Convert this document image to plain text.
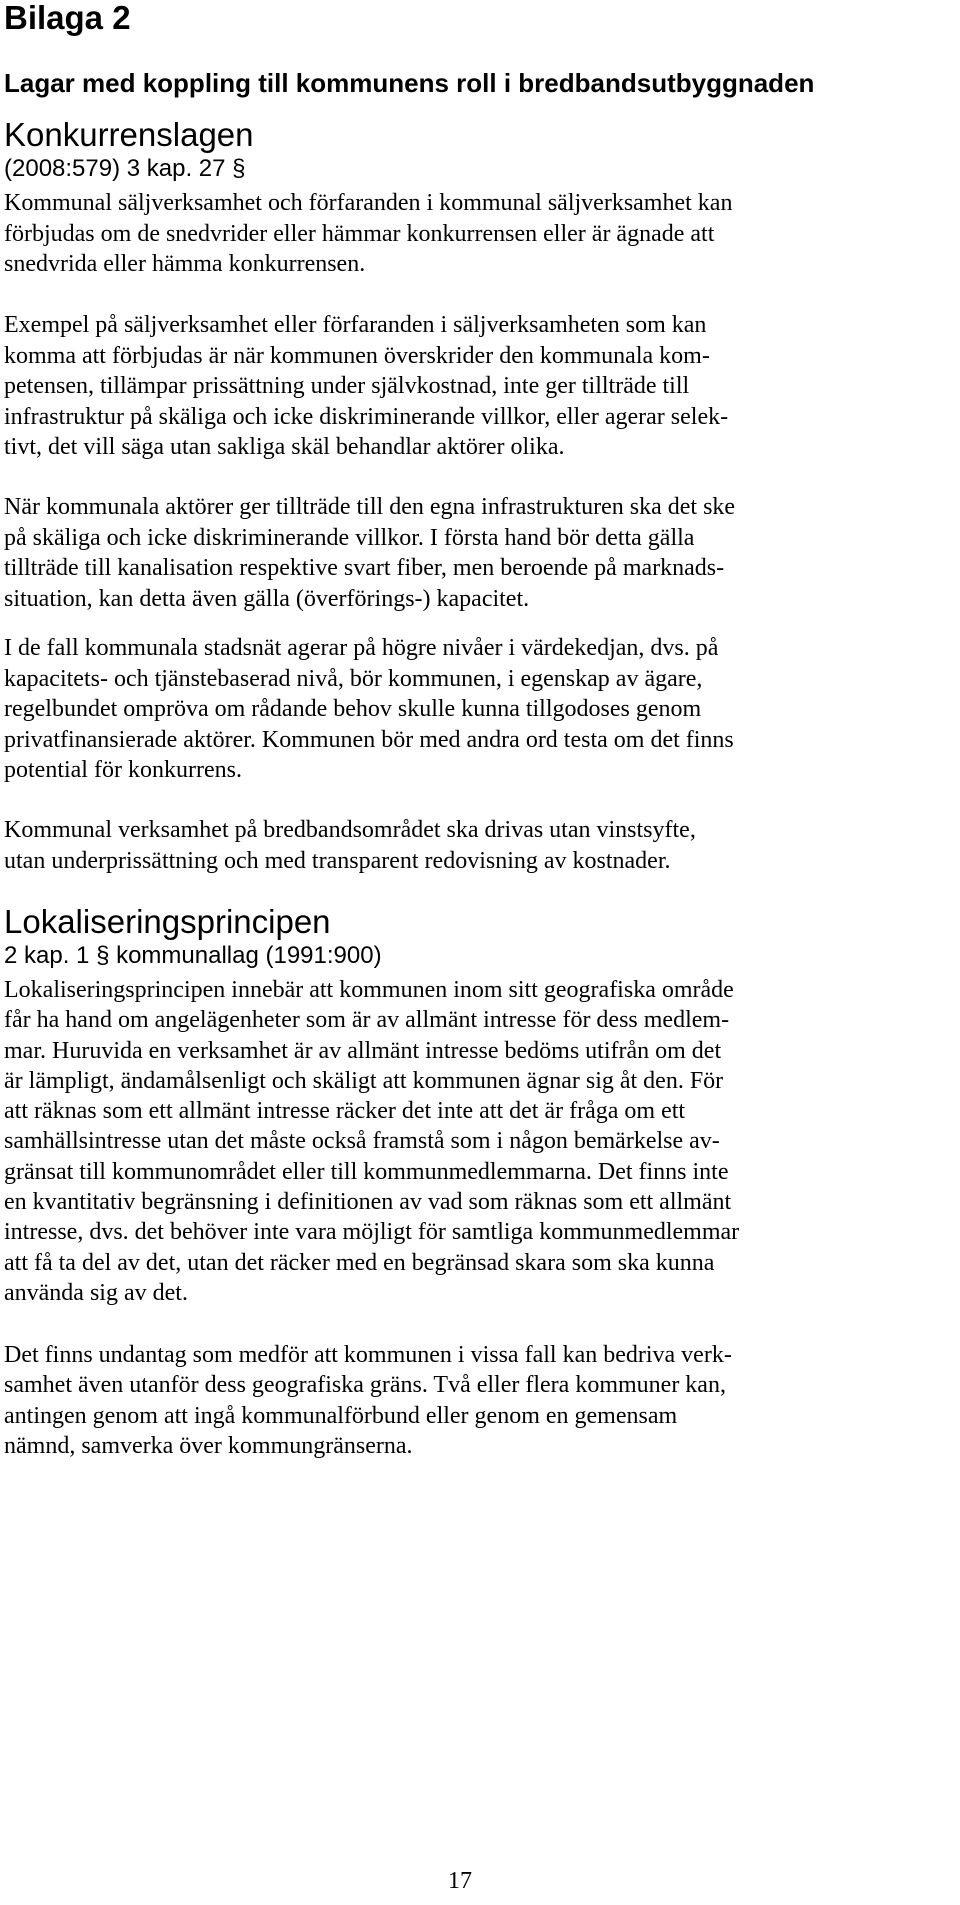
Bilaga 2
Lagar med koppling till kommunens roll i bredbandsutbyggnaden
Konkurrenslagen

(2008:579) 3 kap. 27 §

Kommunal säljverksamhet och förfaranden i kommunal säljverksamhet kan
förbjudas om de snedvrider eller hämmar konkurrensen eller är ägnade att
snedvrida eller hämma konkurrensen.

Exempel på säljverksamhet eller förfaranden i säljverksamheten som kan
komma att förbjudas är när kommunen överskrider den kommunala kom-
petensen, tillämpar prissättning under självkostnad, inte ger tillträde till
infrastruktur på skäliga och icke diskriminerande villkor, eller agerar selek-
tivt, det vill säga utan sakliga skäl behandlar aktörer olika.

När kommunala aktörer ger tillträde till den egna infrastrukturen ska det ske
på skäliga och icke diskriminerande villkor. I första hand bör detta gälla
tillträde till kanalisation respektive svart fiber, men beroende på marknads-
situation, kan detta även gälla (överförings-) kapacitet.

I de fall kommunala stadsnät agerar på högre nivåer i värdekedjan, dvs. på
kapacitets- och tjänstebaserad nivå, bör kommunen, i egenskap av ägare,
regelbundet ompröva om rådande behov skulle kunna tillgodoses genom
privatfinansierade aktörer. Kommunen bör med andra ord testa om det finns
potential för konkurrens.

Kommunal verksamhet på bredbandsområdet ska drivas utan vinstsyfte,
utan underprissättning och med transparent redovisning av kostnader.

Lokaliseringsprincipen

2 kap. 1 § kommunallag (1991:900)

Lokaliseringsprincipen innebär att kommunen inom sitt geografiska område
får ha hand om angelägenheter som är av allmänt intresse för dess medlem-
mar. Huruvida en verksamhet är av allmänt intresse bedöms utifrån om det
är lämpligt, ändamålsenligt och skäligt att kommunen ägnar sig åt den. För
att räknas som ett allmänt intresse räcker det inte att det är fråga om ett
samhällsintresse utan det måste också framstå som i någon bemärkelse av-
gränsat till kommunområdet eller till kommunmedlemmarna. Det finns inte
en kvantitativ begränsning i definitionen av vad som räknas som ett allmänt
intresse, dvs. det behöver inte vara möjligt för samtliga kommunmedlemmar
att få ta del av det, utan det räcker med en begränsad skara som ska kunna
använda sig av det.

Det finns undantag som medför att kommunen i vissa fall kan bedriva verk-
samhet även utanför dess geografiska gräns. Två eller flera kommuner kan,
antingen genom att ingå kommunalförbund eller genom en gemensam
nämnd, samverka över kommungränserna.

17
